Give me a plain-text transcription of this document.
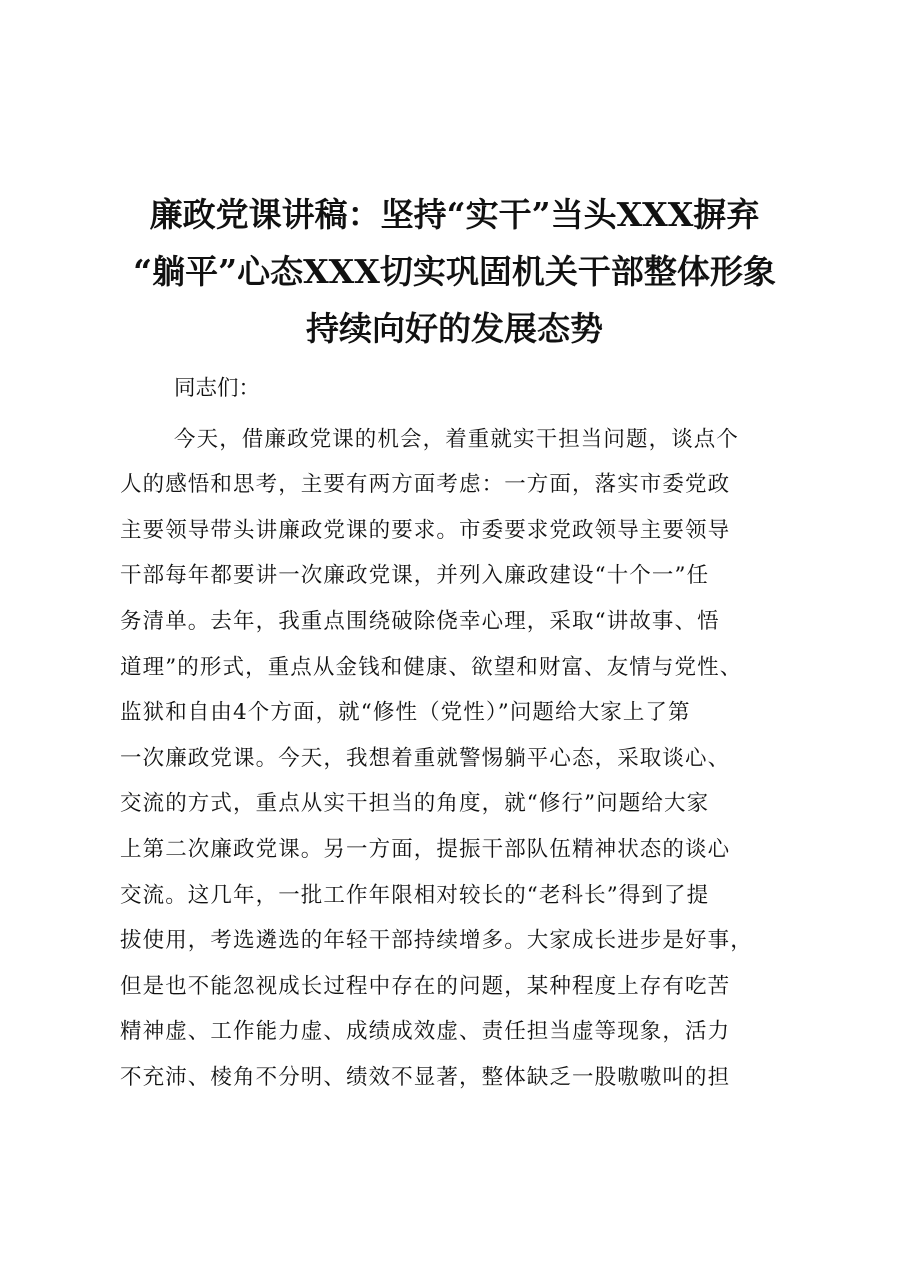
廉政党课讲稿：坚持“实干”当头XXX摒弃
“躺平”心态XXX切实巩固机关干部整体形象
持续向好的发展态势

同志们：

今天，借廉政党课的机会，着重就实干担当问题，谈点个
人的感悟和思考，主要有两方面考虑：一方面，落实市委党政
主要领导带头讲廉政党课的要求。市委要求党政领导主要领导
干部每年都要讲一次廉政党课，并列入廉政建设“十个一”任
务清单。去年，我重点围绕破除侥幸心理，采取“讲故事、悟
道理”的形式，重点从金钱和健康、欲望和财富、友情与党性、
监狱和自由4个方面，就“修性（党性）”问题给大家上了第
一次廉政党课。今天，我想着重就警惕躺平心态，采取谈心、
交流的方式，重点从实干担当的角度，就“修行”问题给大家
上第二次廉政党课。另一方面，提振干部队伍精神状态的谈心
交流。这几年，一批工作年限相对较长的“老科长”得到了提
拔使用，考选遴选的年轻干部持续增多。大家成长进步是好事，
但是也不能忽视成长过程中存在的问题，某种程度上存有吃苦
精神虚、工作能力虚、成绩成效虚、责任担当虚等现象，活力
不充沛、棱角不分明、绩效不显著，整体缺乏一股嗷嗷叫的担
